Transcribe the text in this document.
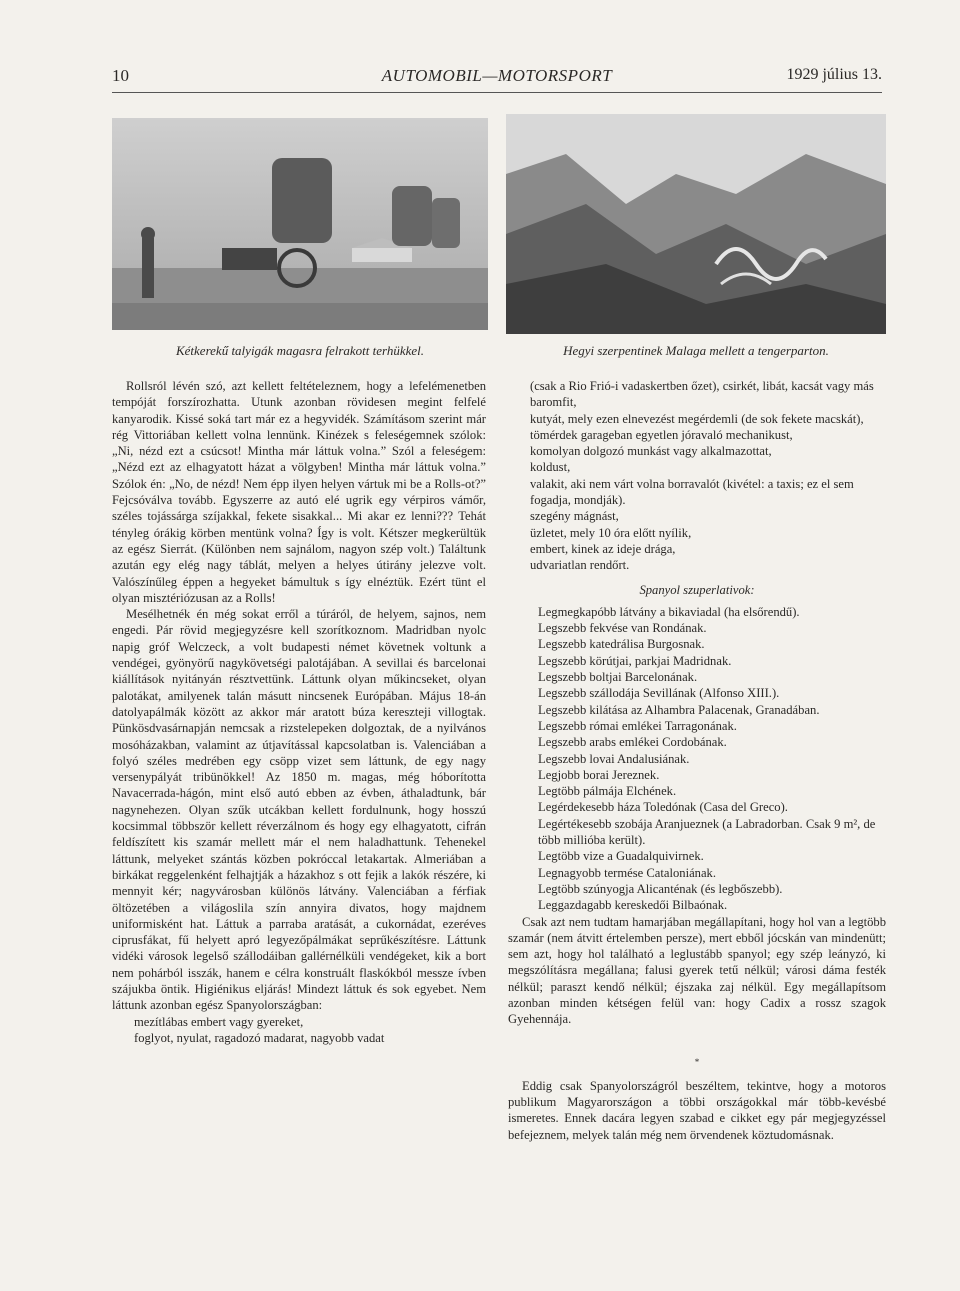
10	AUTOMOBIL—MOTORSPORT	1929 július 13.
Kétkerekű talyigák magasra felrakott terhükkel.	Hegyi szerpentinek Malaga mellett a tengerparton.

Rollsról lévén szó, azt kellett feltételeznem, hogy a lefelémenetben tempóját forszírozhatta. Utunk azonban rövidesen megint felfelé kanyarodik. Kissé soká tart már ez a hegyvidék. Számításom szerint már rég Vittoriában kellett volna lennünk. Kinézek s feleségemnek szólok: „Ni, nézd ezt a csúcsot! Mintha már láttuk volna.” Szól a feleségem: „Nézd ezt az elhagyatott házat a völgyben! Mintha már láttuk volna.” Szólok én: „No, de nézd! Nem épp ilyen helyen vártuk mi be a Rolls-ot?” Fejcsóválva tovább. Egyszerre az autó elé ugrik egy vérpiros vámőr, széles tojássárga szíjakkal, fekete sisakkal... Mi akar ez lenni??? Tehát tényleg órákig körben mentünk volna? Így is volt. Kétszer megkerültük az egész Sierrát. (Különben nem sajnálom, nagyon szép volt.) Találtunk azután egy elég nagy táblát, melyen a helyes útirány jelezve volt. Valószínűleg éppen a hegyeket bámultuk s így elnéztük. Ezért tünt el olyan misztériózusan az a Rolls!

Mesélhetnék én még sokat erről a túráról, de helyem, sajnos, nem engedi. Pár rövid megjegyzésre kell szorítkoznom. Madridban nyolc napig gróf Welczeck, a volt budapesti német követnek voltunk a vendégei, gyönyörű nagykövetségi palotájában. A sevillai és barcelonai kiállítások nyitányán résztvettünk. Láttunk olyan műkincseket, olyan palotákat, amilyenek talán másutt nincsenek Európában. Május 18-án datolyapálmák között az akkor már aratott búza kereszteji villogtak. Pünkösdvasárnapján nemcsak a rizstelepeken dolgoztak, de a nyilvános mosóházakban, valamint az útjavítással kapcsolatban is. Valenciában a folyó széles medrében egy csöpp vizet sem láttunk, de egy nagy versenypályát tribünökkel! Az 1850 m. magas, még hóborította Navacerrada-hágón, mint első autó ebben az évben, áthaladtunk, bár nagynehezen. Olyan szűk utcákban kellett fordulnunk, hogy hosszú kocsimmal többször kellett réverzálnom és hogy egy elhagyatott, cifrán feldíszített kis szamár mellett már el nem haladhattunk. Tehenekel láttunk, melyeket szántás közben pokróccal letakartak. Almeriában a birkákat reggelenként felhajtják a házakhoz s ott fejik a lakók részére, ki mennyit kér; nagyvárosban különös látvány. Valenciában a férfiak öltözetében a világoslila szín annyira divatos, hogy majdnem uniformisként hat. Láttuk a parraba aratását, a cukornádat, ezeréves ciprusfákat, fű helyett apró legyezőpálmákat seprűkészítésre. Láttunk vidéki városok legelső szállodáiban gallérnélküli vendégeket, kik a bort nem pohárból isszák, hanem e célra konstruált flaskókból messze ívben szájukba öntik. Higiénikus eljárás! Mindezt láttuk és sok egyebet. Nem láttunk azonban egész Spanyolországban:

mezítlábas embert vagy gyereket,
foglyot, nyulat, ragadozó madarat, nagyobb vadat
(csak a Rio Frió-i vadaskertben őzet), csirkét, libát, kacsát vagy más baromfit,
kutyát, mely ezen elnevezést megérdemli (de sok fekete macskát),
tömérdek garageban egyetlen jóravaló mechanikust,
komolyan dolgozó munkást vagy alkalmazottat,
koldust,
valakit, aki nem várt volna borravalót (kivétel: a taxis; ez el sem fogadja, mondják).
szegény mágnást,
üzletet, mely 10 óra előtt nyílik,
embert, kinek az ideje drága,
udvariatlan rendőrt.
Spanyol szuperlativok:
Legmegkapóbb látvány a bikaviadal (ha elsőrendű).
Legszebb fekvése van Rondának.
Legszebb katedrálisa Burgosnak.
Legszebb körútjai, parkjai Madridnak.
Legszebb boltjai Barcelonának.
Legszebb szállodája Sevillának (Alfonso XIII.).
Legszebb kilátása az Alhambra Palacenak, Granadában.
Legszebb római emlékei Tarragonának.
Legszebb arabs emlékei Cordobának.
Legszebb lovai Andalusiának.
Legjobb borai Jereznek.
Legtöbb pálmája Elchének.
Legérdekesebb háza Toledónak (Casa del Greco).
Legértékesebb szobája Aranjueznek (a Labradorban. Csak 9 m², de több millióba került).
Legtöbb vize a Guadalquivirnek.
Legnagyobb termése Cataloniának.
Legtöbb szúnyogja Alicanténak (és legbőszebb).
Leggazdagabb kereskedői Bilbaónak.

Csak azt nem tudtam hamarjában megállapítani, hogy hol van a legtöbb szamár (nem átvitt értelemben persze), mert ebből jócskán van mindenütt; sem azt, hogy hol található a leglustább spanyol; egy szép leányzó, ki megszólításra megállana; falusi gyerek tetű nélkül; városi dáma festék nélkül; paraszt kendő nélkül; éjszaka zaj nélkül. Egy megállapítsom azonban minden kétségen felül van: hogy Cadix a rossz szagok Gyehennája.

*

Eddig csak Spanyolországról beszéltem, tekintve, hogy a motoros publikum Magyarországon a többi országokkal már több-kevésbé ismeretes. Ennek dacára legyen szabad e cikket egy pár megjegyzéssel befejeznem, melyek talán még nem örvendenek köztudomásnak.
